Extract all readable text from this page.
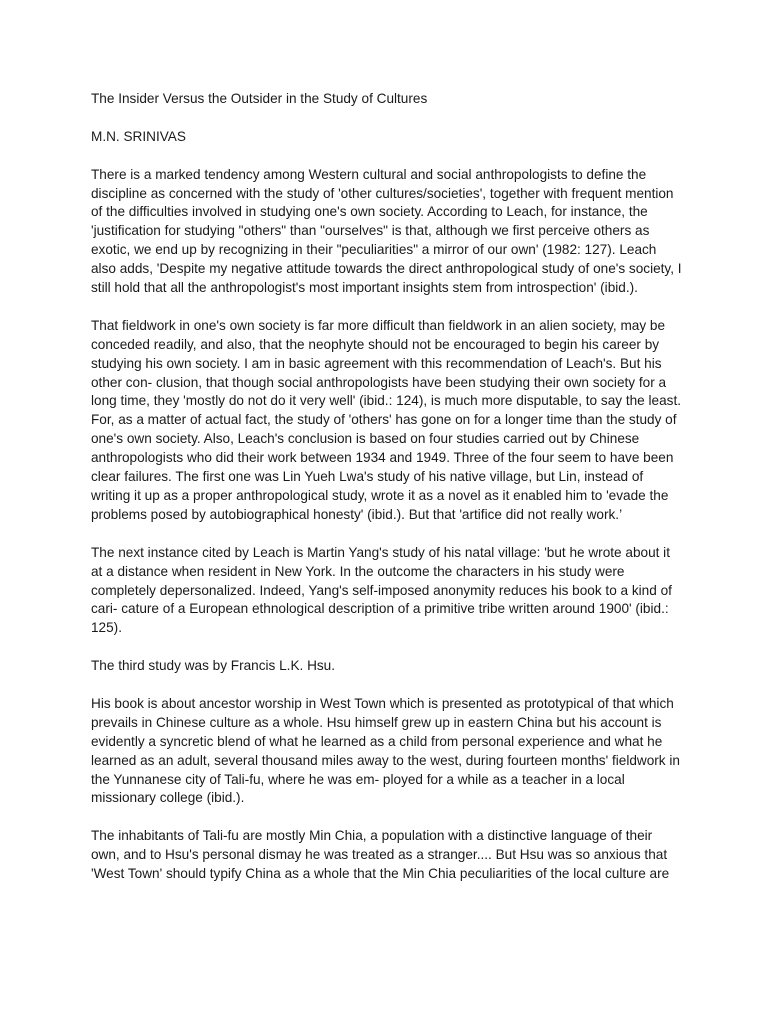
The Insider Versus the Outsider in the Study of Cultures

M.N. SRINIVAS

There is a marked tendency among Western cultural and social anthropologists to define the discipline as concerned with the study of 'other cultures/societies', together with frequent mention of the difficulties involved in studying one's own society. According to Leach, for instance, the 'justification for studying "others" than "ourselves" is that, although we first perceive others as exotic, we end up by recognizing in their "peculiarities" a mirror of our own' (1982: 127). Leach also adds, 'Despite my negative attitude towards the direct anthropological study of one's society, I still hold that all the anthropologist's most important insights stem from introspection' (ibid.).

That fieldwork in one's own society is far more difficult than fieldwork in an alien society, may be conceded readily, and also, that the neophyte should not be encouraged to begin his career by studying his own society. I am in basic agreement with this recommendation of Leach's. But his other con- clusion, that though social anthropologists have been studying their own society for a long time, they 'mostly do not do it very well' (ibid.: 124), is much more disputable, to say the least. For, as a matter of actual fact, the study of 'others' has gone on for a longer time than the study of one's own society. Also, Leach's conclusion is based on four studies carried out by Chinese anthropologists who did their work between 1934 and 1949. Three of the four seem to have been clear failures. The first one was Lin Yueh Lwa's study of his native village, but Lin, instead of writing it up as a proper anthropological study, wrote it as a novel as it enabled him to 'evade the problems posed by autobiographical honesty' (ibid.). But that 'artifice did not really work.’

The next instance cited by Leach is Martin Yang's study of his natal village: 'but he wrote about it at a distance when resident in New York. In the outcome the characters in his study were completely depersonalized. Indeed, Yang's self-imposed anonymity reduces his book to a kind of cari- cature of a European ethnological description of a primitive tribe written around 1900' (ibid.: 125).

The third study was by Francis L.K. Hsu.

His book is about ancestor worship in West Town which is presented as prototypical of that which prevails in Chinese culture as a whole. Hsu himself grew up in eastern China but his account is evidently a syncretic blend of what he learned as a child from personal experience and what he learned as an adult, several thousand miles away to the west, during fourteen months' fieldwork in the Yunnanese city of Tali-fu, where he was em- ployed for a while as a teacher in a local missionary college (ibid.).

The inhabitants of Tali-fu are mostly Min Chia, a population with a distinctive language of their own, and to Hsu's personal dismay he was treated as a stranger.... But Hsu was so anxious that 'West Town' should typify China as a whole that the Min Chia peculiarities of the local culture are
